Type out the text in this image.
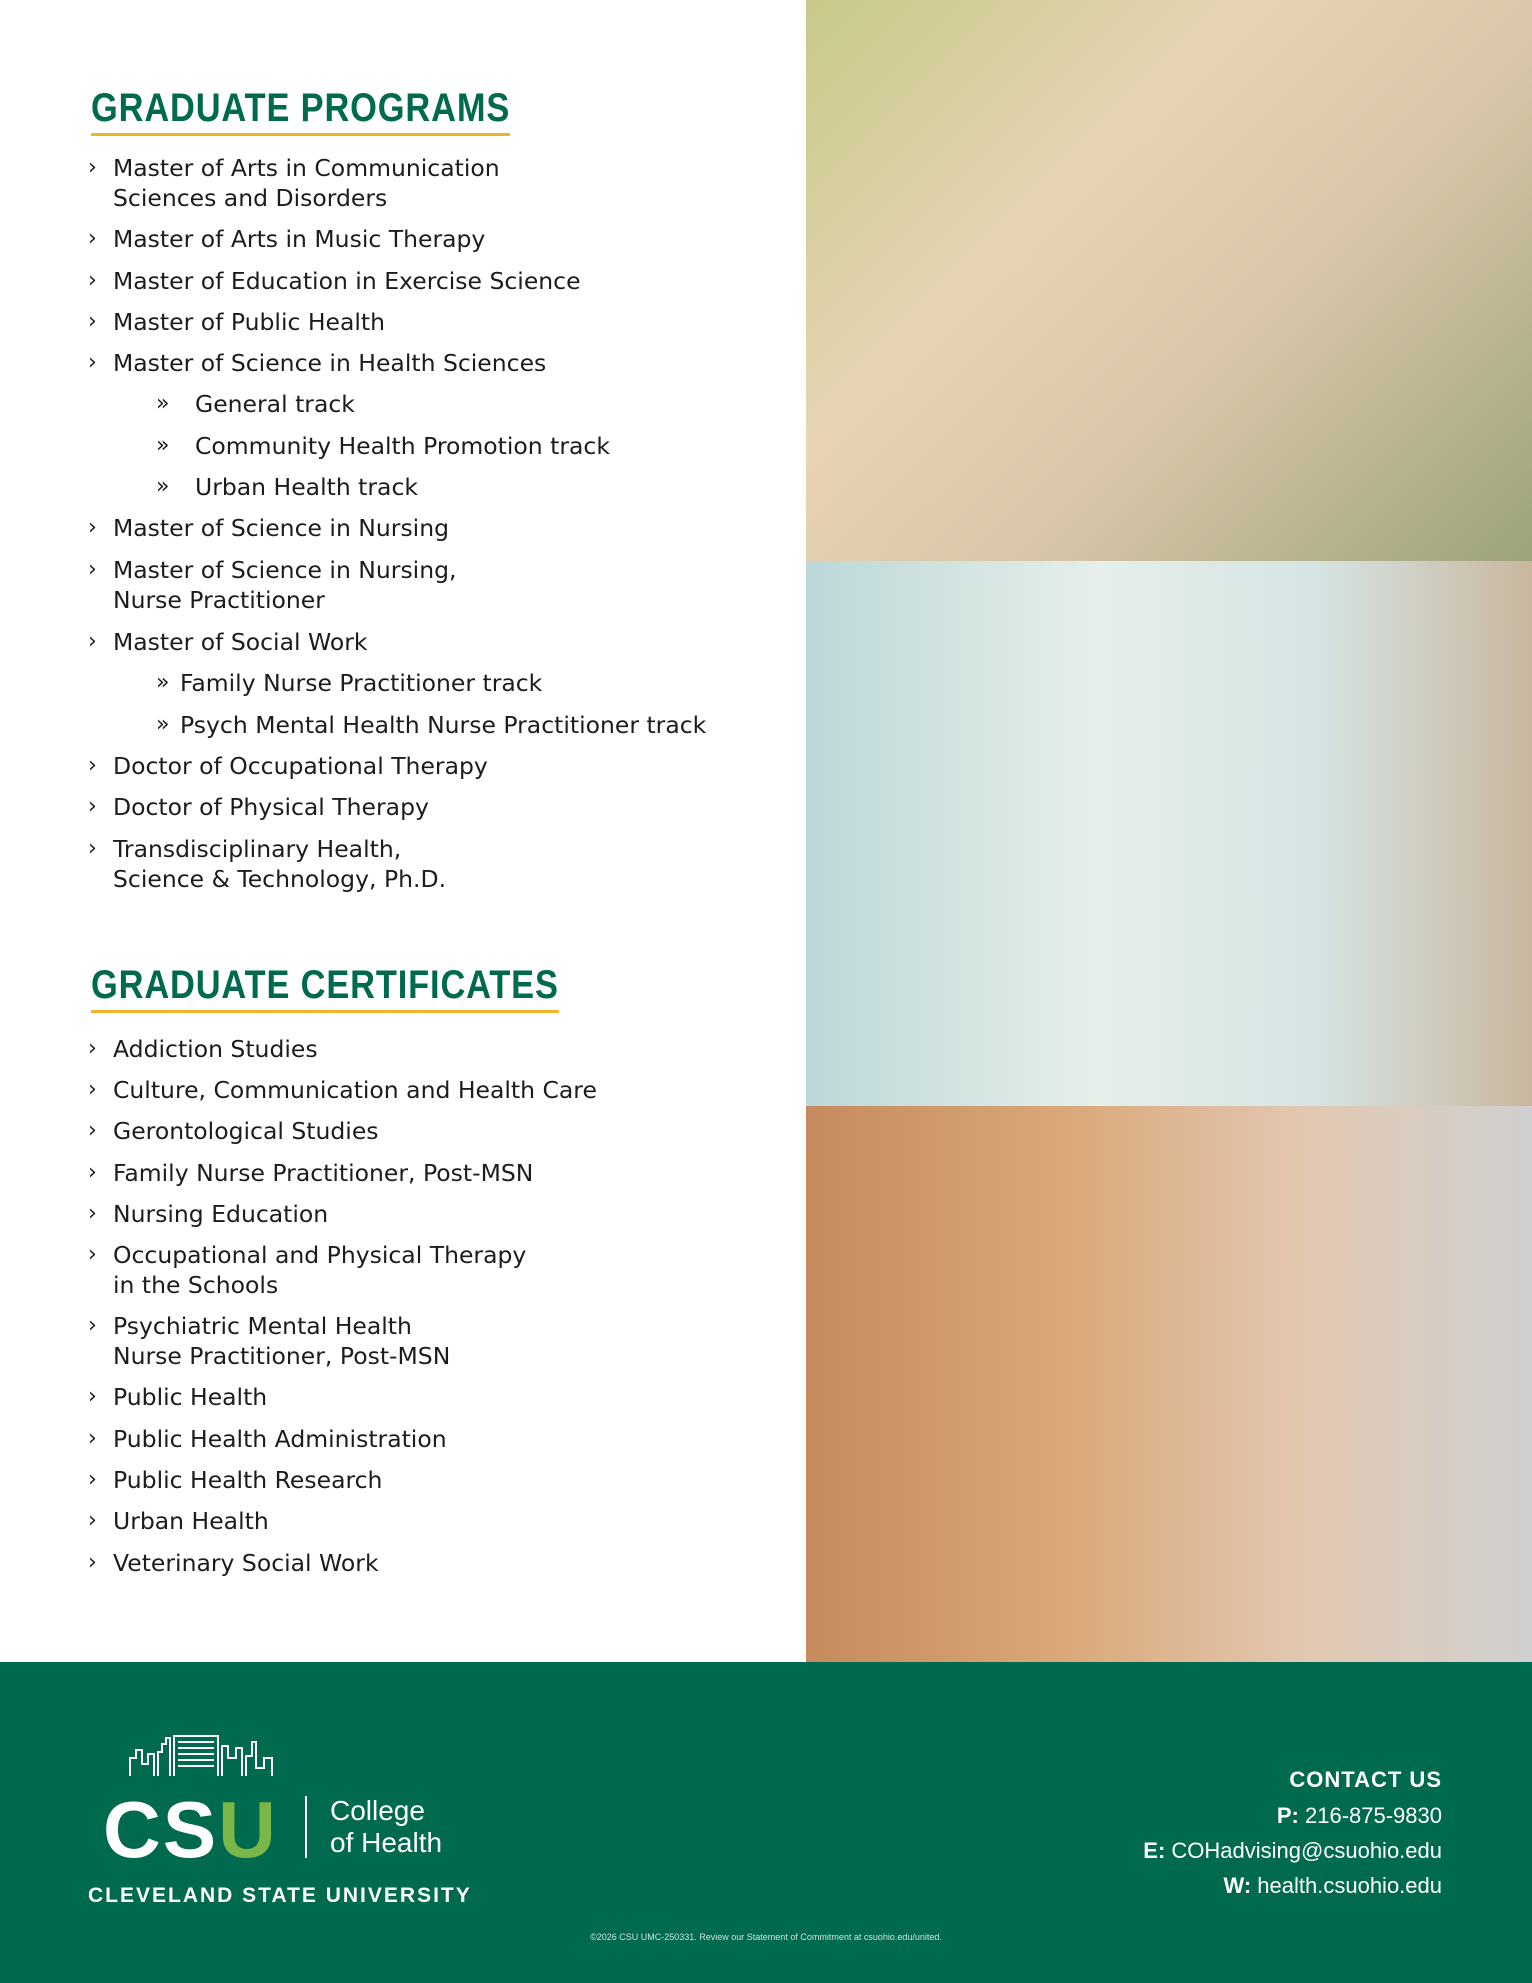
GRADUATE PROGRAMS
› Master of Arts in Communication
Sciences and Disorders
› Master of Arts in Music Therapy
› Master of Education in Exercise Science
› Master of Public Health
› Master of Science in Health Sciences
» General track
» Community Health Promotion track
» Urban Health track
› Master of Science in Nursing
› Master of Science in Nursing,
Nurse Practitioner
› Master of Social Work
» Family Nurse Practitioner track
» Psych Mental Health Nurse Practitioner track
› Doctor of Occupational Therapy
› Doctor of Physical Therapy
› Transdisciplinary Health,
Science & Technology, Ph.D.
GRADUATE CERTIFICATES
› Addiction Studies
› Culture, Communication and Health Care
› Gerontological Studies
› Family Nurse Practitioner, Post-MSN
› Nursing Education
› Occupational and Physical Therapy
in the Schools
› Psychiatric Mental Health
Nurse Practitioner, Post-MSN
› Public Health
› Public Health Administration
› Public Health Research
› Urban Health
› Veterinary Social Work
CSU College
of Health
CLEVELAND STATE UNIVERSITY
CONTACT US
P: 216-875-9830
E: COHadvising@csuohio.edu
W: health.csuohio.edu
©2026 CSU UMC-250331. Review our Statement of Commitment at csuohio.edu/united.
